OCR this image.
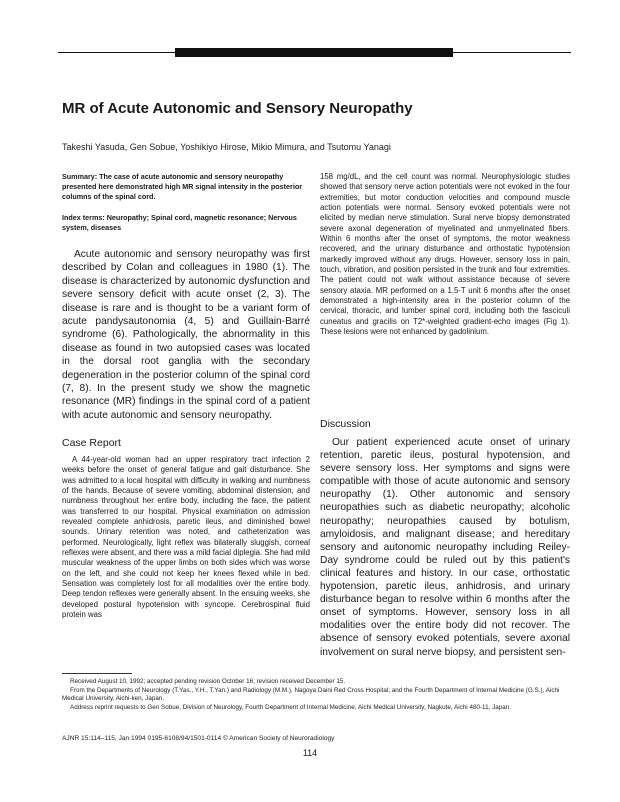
MR of Acute Autonomic and Sensory Neuropathy
Takeshi Yasuda, Gen Sobue, Yoshikiyo Hirose, Mikio Mimura, and Tsutomu Yanagi
Summary: The case of acute autonomic and sensory neuropathy presented here demonstrated high MR signal intensity in the posterior columns of the spinal cord.
Index terms: Neuropathy; Spinal cord, magnetic resonance; Nervous system, diseases

Acute autonomic and sensory neuropathy was first described by Colan and colleagues in 1980 (1). The disease is characterized by autonomic dysfunction and severe sensory deficit with acute onset (2, 3). The disease is rare and is thought to be a variant form of acute pandysautonomia (4, 5) and Guillain-Barré syndrome (6). Pathologically, the abnormality in this disease as found in two autopsied cases was located in the dorsal root ganglia with the secondary degeneration in the posterior column of the spinal cord (7, 8). In the present study we show the magnetic resonance (MR) findings in the spinal cord of a patient with acute autonomic and sensory neuropathy.

Case Report

A 44-year-old woman had an upper respiratory tract infection 2 weeks before the onset of general fatigue and gait disturbance. She was admitted to a local hospital with difficulty in walking and numbness of the hands. Because of severe vomiting, abdominal distension, and numbness throughout her entire body, including the face, the patient was transferred to our hospital. Physical examination on admission revealed complete anhidrosis, paretic ileus, and diminished bowel sounds. Urinary retention was noted, and catheterization was performed. Neurologically, light reflex was bilaterally sluggish, corneal reflexes were absent, and there was a mild facial diplegia. She had mild muscular weakness of the upper limbs on both sides which was worse on the left, and she could not keep her knees flexed while in bed. Sensation was completely lost for all modalities over the entire body. Deep tendon reflexes were generally absent. In the ensuing weeks, she developed postural hypotension with syncope. Cerebrospinal fluid protein was

158 mg/dL, and the cell count was normal. Neurophysiologic studies showed that sensory nerve action potentials were not evoked in the four extremities, but motor conduction velocities and compound muscle action potentials were normal. Sensory evoked potentials were not elicited by median nerve stimulation. Sural nerve biopsy demonstrated severe axonal degeneration of myelinated and unmyelinated fibers. Within 6 months after the onset of symptoms, the motor weakness recovered, and the urinary disturbance and orthostatic hypotension markedly improved without any drugs. However, sensory loss in pain, touch, vibration, and position persisted in the trunk and four extremities. The patient could not walk without assistance because of severe sensory ataxia. MR performed on a 1.5-T unit 6 months after the onset demonstrated a high-intensity area in the posterior column of the cervical, thoracic, and lumber spinal cord, including both the fasciculi cuneatus and gracilis on T2*-weighted gradient-echo images (Fig 1). These lesions were not enhanced by gadolinium.

Discussion

Our patient experienced acute onset of urinary retention, paretic ileus, postural hypotension, and severe sensory loss. Her symptoms and signs were compatible with those of acute autonomic and sensory neuropathy (1). Other autonomic and sensory neuropathies such as diabetic neuropathy; alcoholic neuropathy; neuropathies caused by botulism, amyloidosis, and malignant disease; and hereditary sensory and autonomic neuropathy including Reiley-Day syndrome could be ruled out by this patient's clinical features and history. In our case, orthostatic hypotension, paretic ileus, anhidrosis, and urinary disturbance began to resolve within 6 months after the onset of symptoms. However, sensory loss in all modalities over the entire body did not recover. The absence of sensory evoked potentials, severe axonal involvement on sural nerve biopsy, and persistent sen-

Received August 10, 1992; accepted pending revision October 16; revision received December 15.

From the Departments of Neurology (T.Yas., Y.H., T.Yan.) and Radiology (M.M.), Nagoya Daini Red Cross Hospital; and the Fourth Department of Internal Medicine (G.S.), Aichi Medical University, Aichi-ken, Japan.

Address reprint requests to Gen Sobue, Division of Neurology, Fourth Department of Internal Medicine, Aichi Medical University, Nagkute, Aichi 480-11, Japan.

AJNR 15:114–115, Jan 1994 0195-6108/94/1501-0114 © American Society of Neuroradiology
114
